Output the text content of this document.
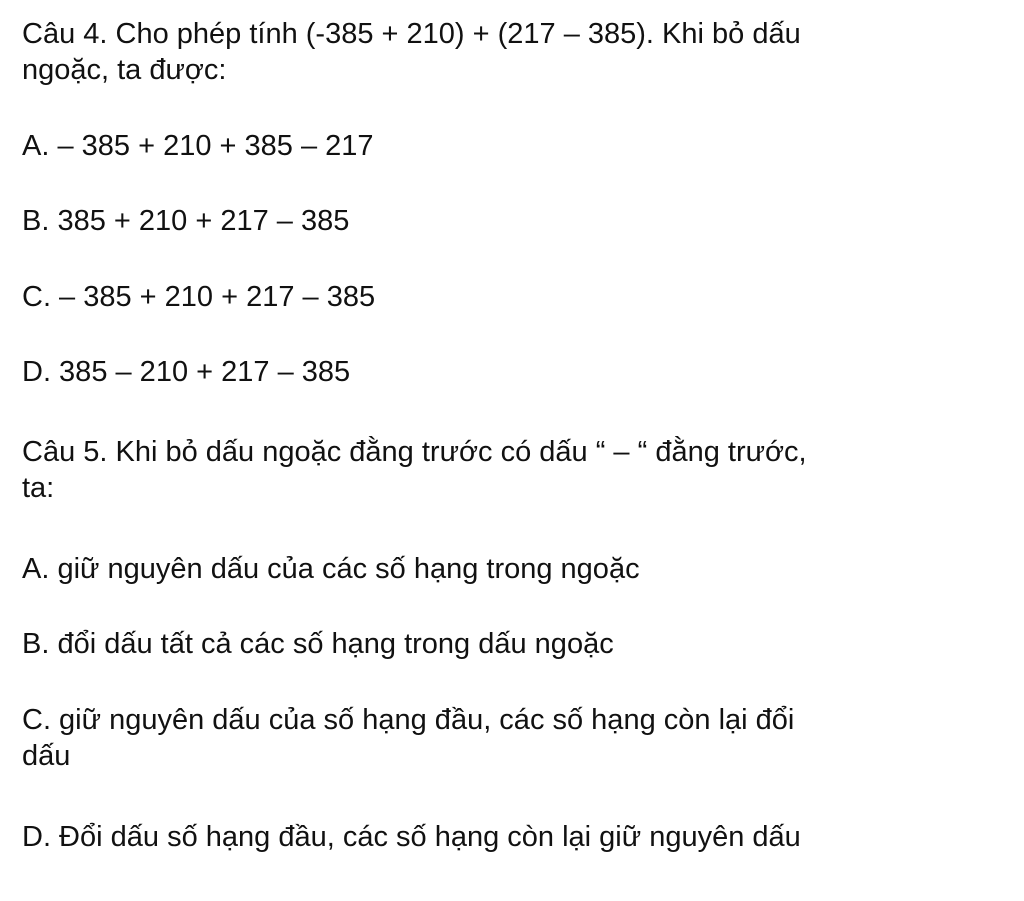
Câu 4. Cho phép tính (-385 + 210) + (217 – 385). Khi bỏ dấu ngoặc, ta được:

A. – 385 + 210 + 385 – 217

B. 385 + 210 + 217 – 385

C. – 385 + 210 + 217 – 385

D. 385 – 210 + 217 – 385

Câu 5. Khi bỏ dấu ngoặc đằng trước có dấu “ – “ đằng trước, ta:

A. giữ nguyên dấu của các số hạng trong ngoặc

B. đổi dấu tất cả các số hạng trong dấu ngoặc

C. giữ nguyên dấu của số hạng đầu, các số hạng còn lại đổi dấu

D. Đổi dấu số hạng đầu, các số hạng còn lại giữ nguyên dấu
